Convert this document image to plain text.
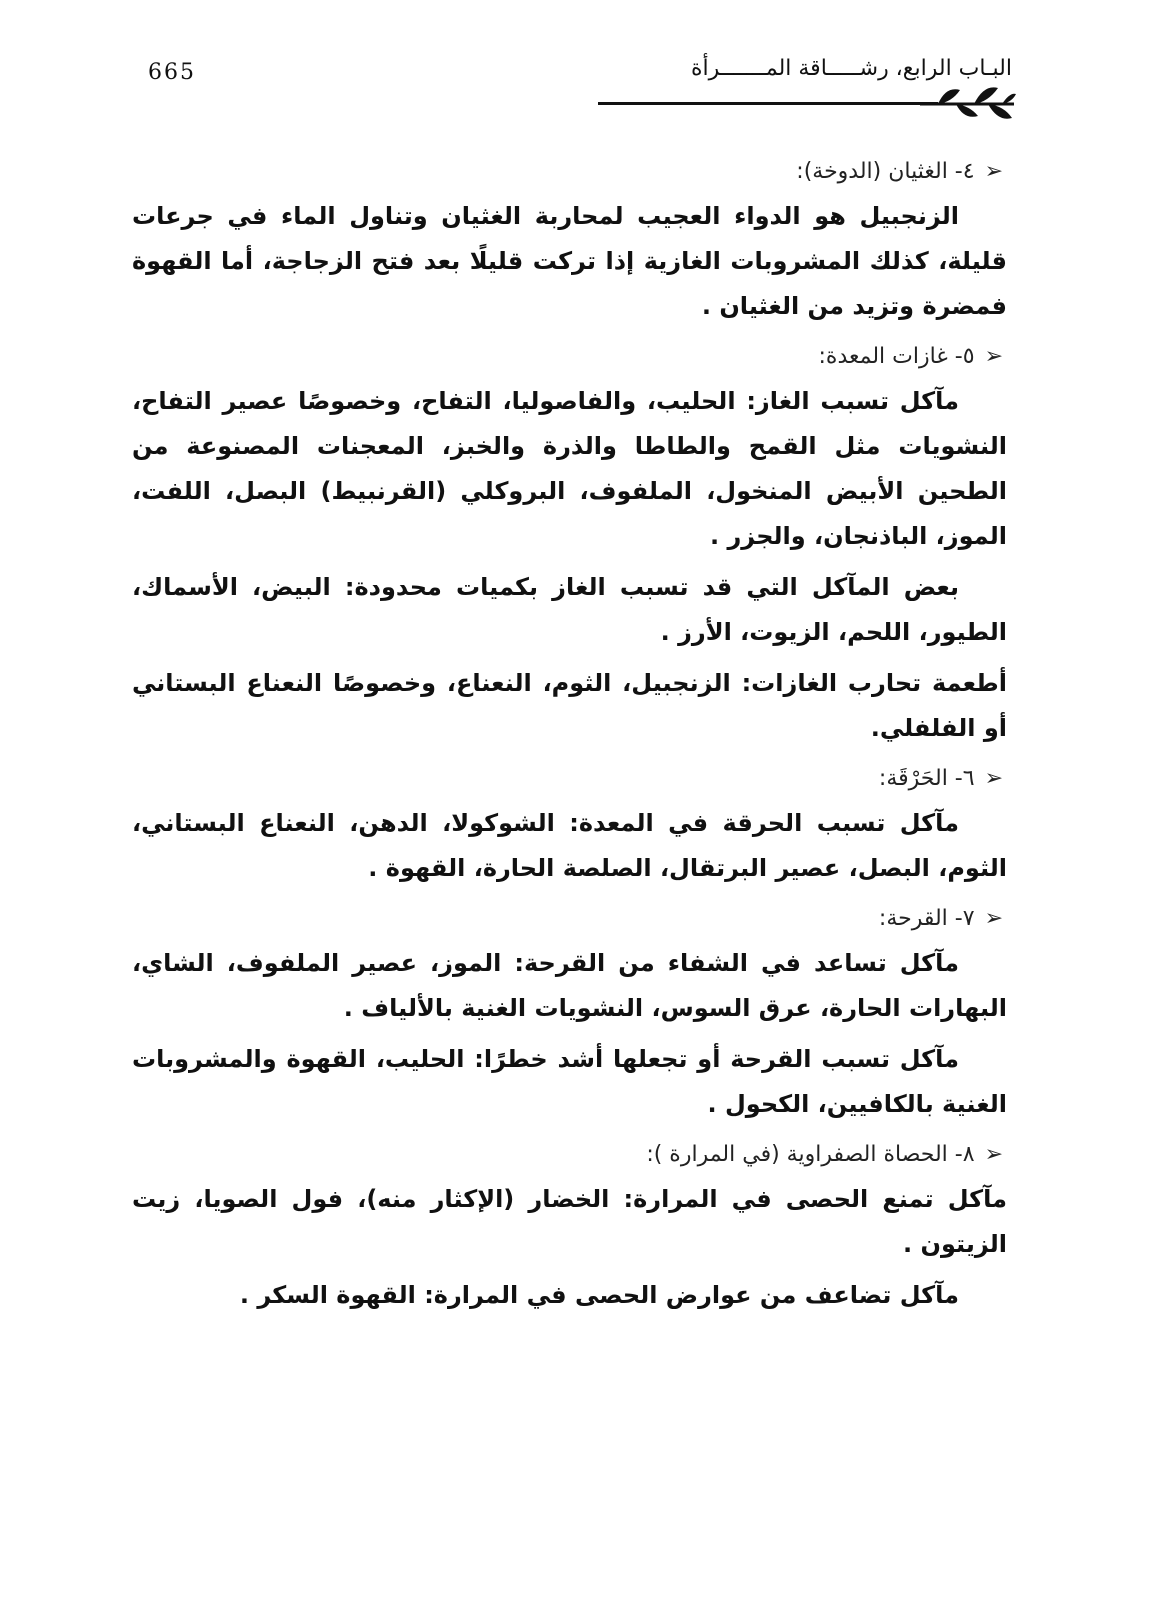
665	البـاب الرابع، رشـــــاقة المـــــــرأة
➢٤- الغثيان (الدوخة):

الزنجبيل هو الدواء العجيب لمحاربة الغثيان وتناول الماء في جرعات قليلة، كذلك المشروبات الغازية إذا تركت قليلًا بعد فتح الزجاجة، أما القهوة فمضرة وتزيد من الغثيان .

➢٥- غازات المعدة:

مآكل تسبب الغاز: الحليب، والفاصوليا، التفاح، وخصوصًا عصير التفاح، النشويات مثل القمح والطاطا والذرة والخبز، المعجنات المصنوعة من الطحين الأبيض المنخول، الملفوف، البروكلي (القرنبيط) البصل، اللفت، الموز، الباذنجان، والجزر .

بعض المآكل التي قد تسبب الغاز بكميات محدودة: البيض، الأسماك، الطيور، اللحم، الزيوت، الأرز .

أطعمة تحارب الغازات: الزنجبيل، الثوم، النعناع، وخصوصًا النعناع البستاني أو الفلفلي.

➢٦- الحَرْقَة:

مآكل تسبب الحرقة في المعدة: الشوكولا، الدهن، النعناع البستاني، الثوم، البصل، عصير البرتقال، الصلصة الحارة، القهوة .

➢٧- القرحة:

مآكل تساعد في الشفاء من القرحة: الموز، عصير الملفوف، الشاي، البهارات الحارة، عرق السوس، النشويات الغنية بالألياف .

مآكل تسبب القرحة أو تجعلها أشد خطرًا: الحليب، القهوة والمشروبات الغنية بالكافيين، الكحول .

➢٨- الحصاة الصفراوية (في المرارة ):

مآكل تمنع الحصى في المرارة: الخضار (الإكثار منه)، فول الصويا، زيت الزيتون .

مآكل تضاعف من عوارض الحصى في المرارة: القهوة السكر .
